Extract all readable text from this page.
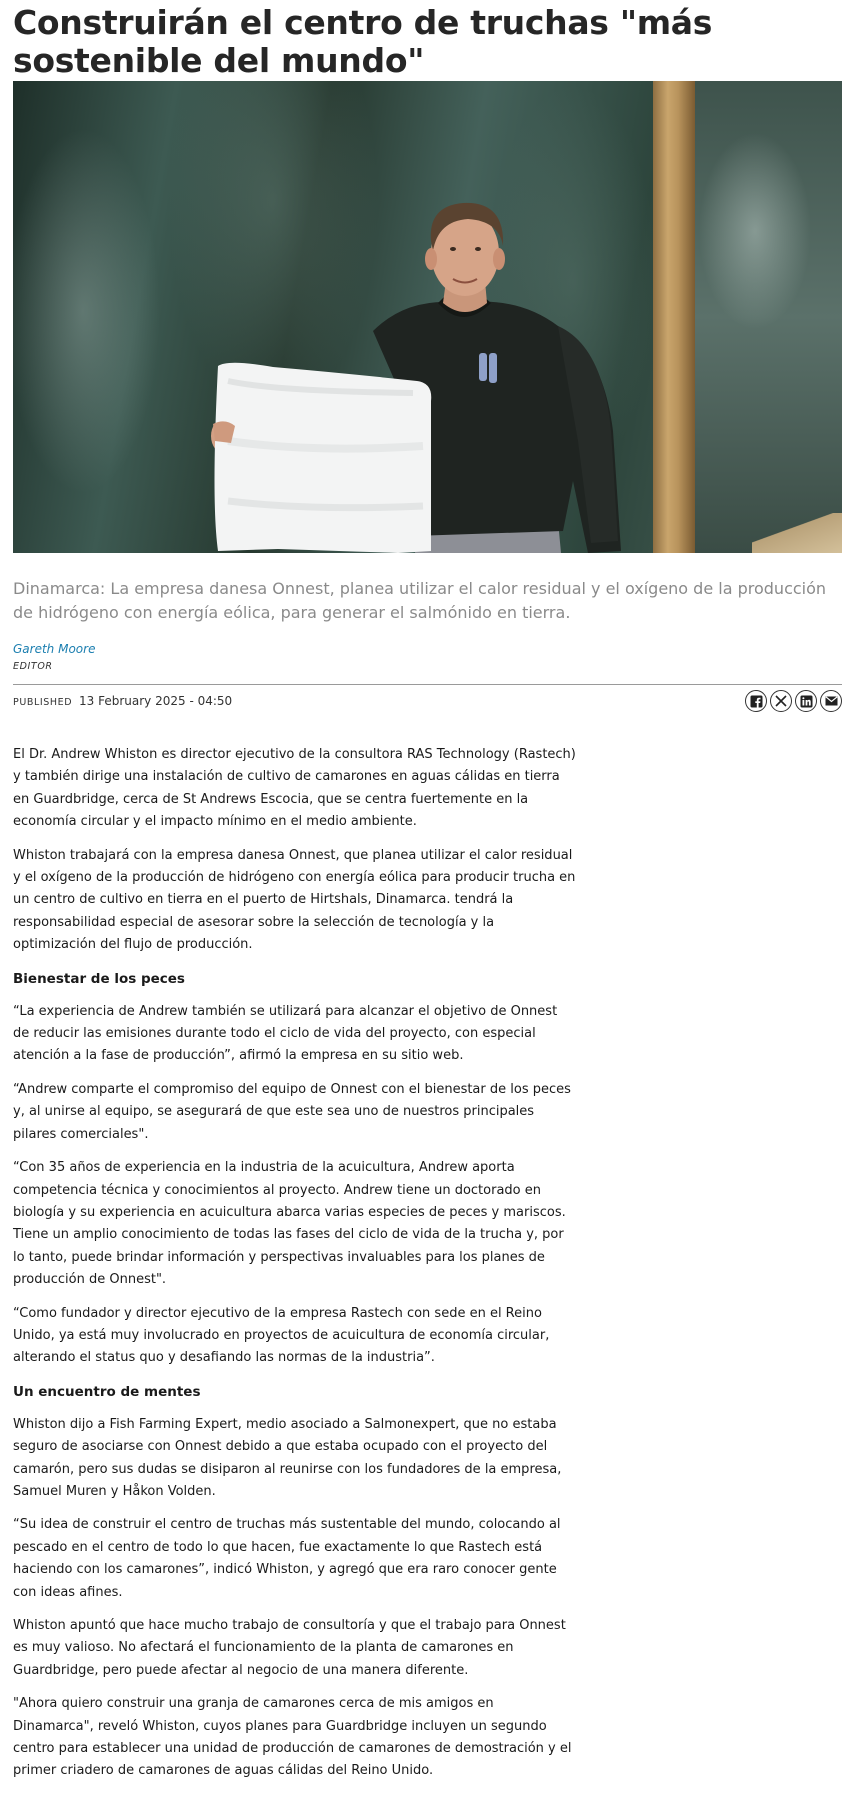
Construirán el centro de truchas "más sostenible del mundo"

Dinamarca: La empresa danesa Onnest, planea utilizar el calor residual y el oxígeno de la producción de hidrógeno con energía eólica, para generar el salmónido en tierra.

Gareth Moore
EDITOR
PUBLISHED 13 February 2025 - 04:50

El Dr. Andrew Whiston es director ejecutivo de la consultora RAS Technology (Rastech) y también dirige una instalación de cultivo de camarones en aguas cálidas en tierra en Guardbridge, cerca de St Andrews Escocia, que se centra fuertemente en la economía circular y el impacto mínimo en el medio ambiente.

Whiston trabajará con la empresa danesa Onnest, que planea utilizar el calor residual y el oxígeno de la producción de hidrógeno con energía eólica para producir trucha en un centro de cultivo en tierra en el puerto de Hirtshals, Dinamarca. tendrá la responsabilidad especial de asesorar sobre la selección de tecnología y la optimización del flujo de producción.

Bienestar de los peces

“La experiencia de Andrew también se utilizará para alcanzar el objetivo de Onnest de reducir las emisiones durante todo el ciclo de vida del proyecto, con especial atención a la fase de producción”, afirmó la empresa en su sitio web.

“Andrew comparte el compromiso del equipo de Onnest con el bienestar de los peces y, al unirse al equipo, se asegurará de que este sea uno de nuestros principales pilares comerciales".

“Con 35 años de experiencia en la industria de la acuicultura, Andrew aporta competencia técnica y conocimientos al proyecto. Andrew tiene un doctorado en biología y su experiencia en acuicultura abarca varias especies de peces y mariscos. Tiene un amplio conocimiento de todas las fases del ciclo de vida de la trucha y, por lo tanto, puede brindar información y perspectivas invaluables para los planes de producción de Onnest".

“Como fundador y director ejecutivo de la empresa Rastech con sede en el Reino Unido, ya está muy involucrado en proyectos de acuicultura de economía circular, alterando el status quo y desafiando las normas de la industria”.

Un encuentro de mentes

Whiston dijo a Fish Farming Expert, medio asociado a Salmonexpert, que no estaba seguro de asociarse con Onnest debido a que estaba ocupado con el proyecto del camarón, pero sus dudas se disiparon al reunirse con los fundadores de la empresa, Samuel Muren y Håkon Volden.

“Su idea de construir el centro de truchas más sustentable del mundo, colocando al pescado en el centro de todo lo que hacen, fue exactamente lo que Rastech está haciendo con los camarones”, indicó Whiston, y agregó que era raro conocer gente con ideas afines.

Whiston apuntó que hace mucho trabajo de consultoría y que el trabajo para Onnest es muy valioso. No afectará el funcionamiento de la planta de camarones en Guardbridge, pero puede afectar al negocio de una manera diferente.

"Ahora quiero construir una granja de camarones cerca de mis amigos en Dinamarca", reveló Whiston, cuyos planes para Guardbridge incluyen un segundo centro para establecer una unidad de producción de camarones de demostración y el primer criadero de camarones de aguas cálidas del Reino Unido.
